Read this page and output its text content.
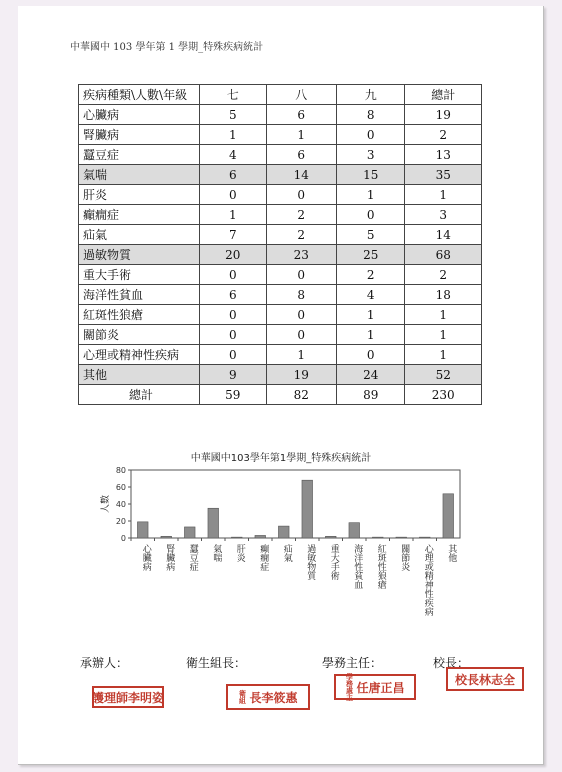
中華國中 103 學年第 1 學期_特殊疾病統計
疾病種類\人數\年級	七	八	九	總計
心臟病	5	6	8	19
腎臟病	1	1	0	2
蠶豆症	4	6	3	13
氣喘	6	14	15	35
肝炎	0	0	1	1
癲癇症	1	2	0	3
疝氣	7	2	5	14
過敏物質	20	23	25	68
重大手術	0	0	2	2
海洋性貧血	6	8	4	18
紅斑性狼瘡	0	0	1	1
關節炎	0	0	1	1
心理或精神性疾病	0	1	0	1
其他	9	19	24	52
總計	59	82	89	230
中華國中103學年第1學期_特殊疾病統計
0
20
40
60
80
人數
心臟病 腎臟病 蠶豆症 氣喘 肝炎 癲癇症 疝氣 過敏物質 重大手術 海洋性貧血 紅斑性狼瘡 關節炎 心理或精神性疾病 其他
承辦人：	衛生組長：	學務主任：	校長：
護理師李明姿	衛組 長李筱惠	學務處主 任唐正昌
校長林志全
